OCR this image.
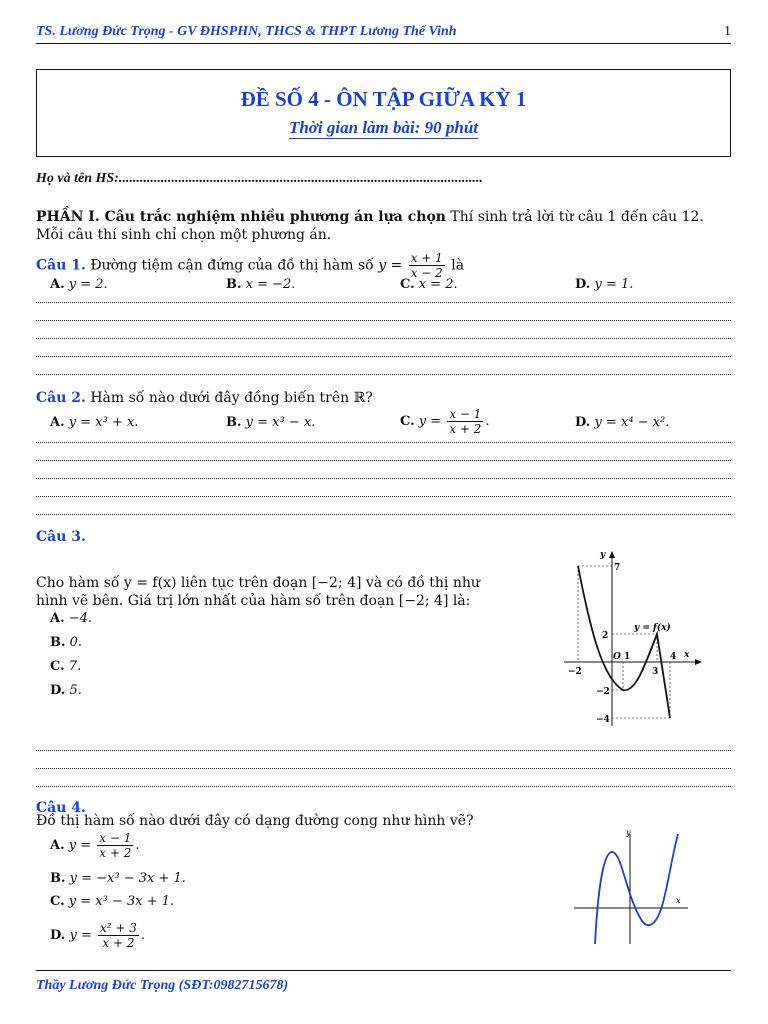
TS. Lương Đức Trọng - GV ĐHSPHN, THCS & THPT Lương Thế Vinh	1
ĐỀ SỐ 4 - ÔN TẬP GIỮA KỲ 1
Thời gian làm bài: 90 phút
Họ và tên HS:........................................................................................................
PHẦN I. Câu trắc nghiệm nhiều phương án lựa chọn Thí sinh trả lời từ câu 1 đến câu 12.
Mỗi câu thí sinh chỉ chọn một phương án.
Câu 1. Đường tiệm cận đứng của đồ thị hàm số $y = \frac{x + 1}{x - 2}$ là
A. y = 2.	B. x = −2.	C. x = 2.	D. y = 1.
Câu 2. Hàm số nào dưới đây đồng biến trên ℝ?
A. y = x³ + x.	B. y = x³ − x.	C. $y = \frac{x - 1}{x + 2}$ .	D. y = x⁴ − x².
Câu 3.
Cho hàm số y = f(x) liên tục trên đoạn [−2; 4] và có đồ thị như
hình vẽ bên. Giá trị lớn nhất của hàm số trên đoạn [−2; 4] là:
A. −4.
B. 0.
C. 7.
D. 5.
y
x
7
2
−2
−4
−2
O 1
3
4
y = f(x)
Câu 4.
Đồ thị hàm số nào dưới đây có dạng đường cong như hình vẽ?
A. $y = \frac{x - 1}{x + 2}$ .
B. y = −x³ − 3x + 1.
C. y = x³ − 3x + 1.
D. $y = \frac{\text{x² + 3}}{x + 2}$ .
y
x
Thầy Lương Đức Trọng (SĐT:0982715678)
